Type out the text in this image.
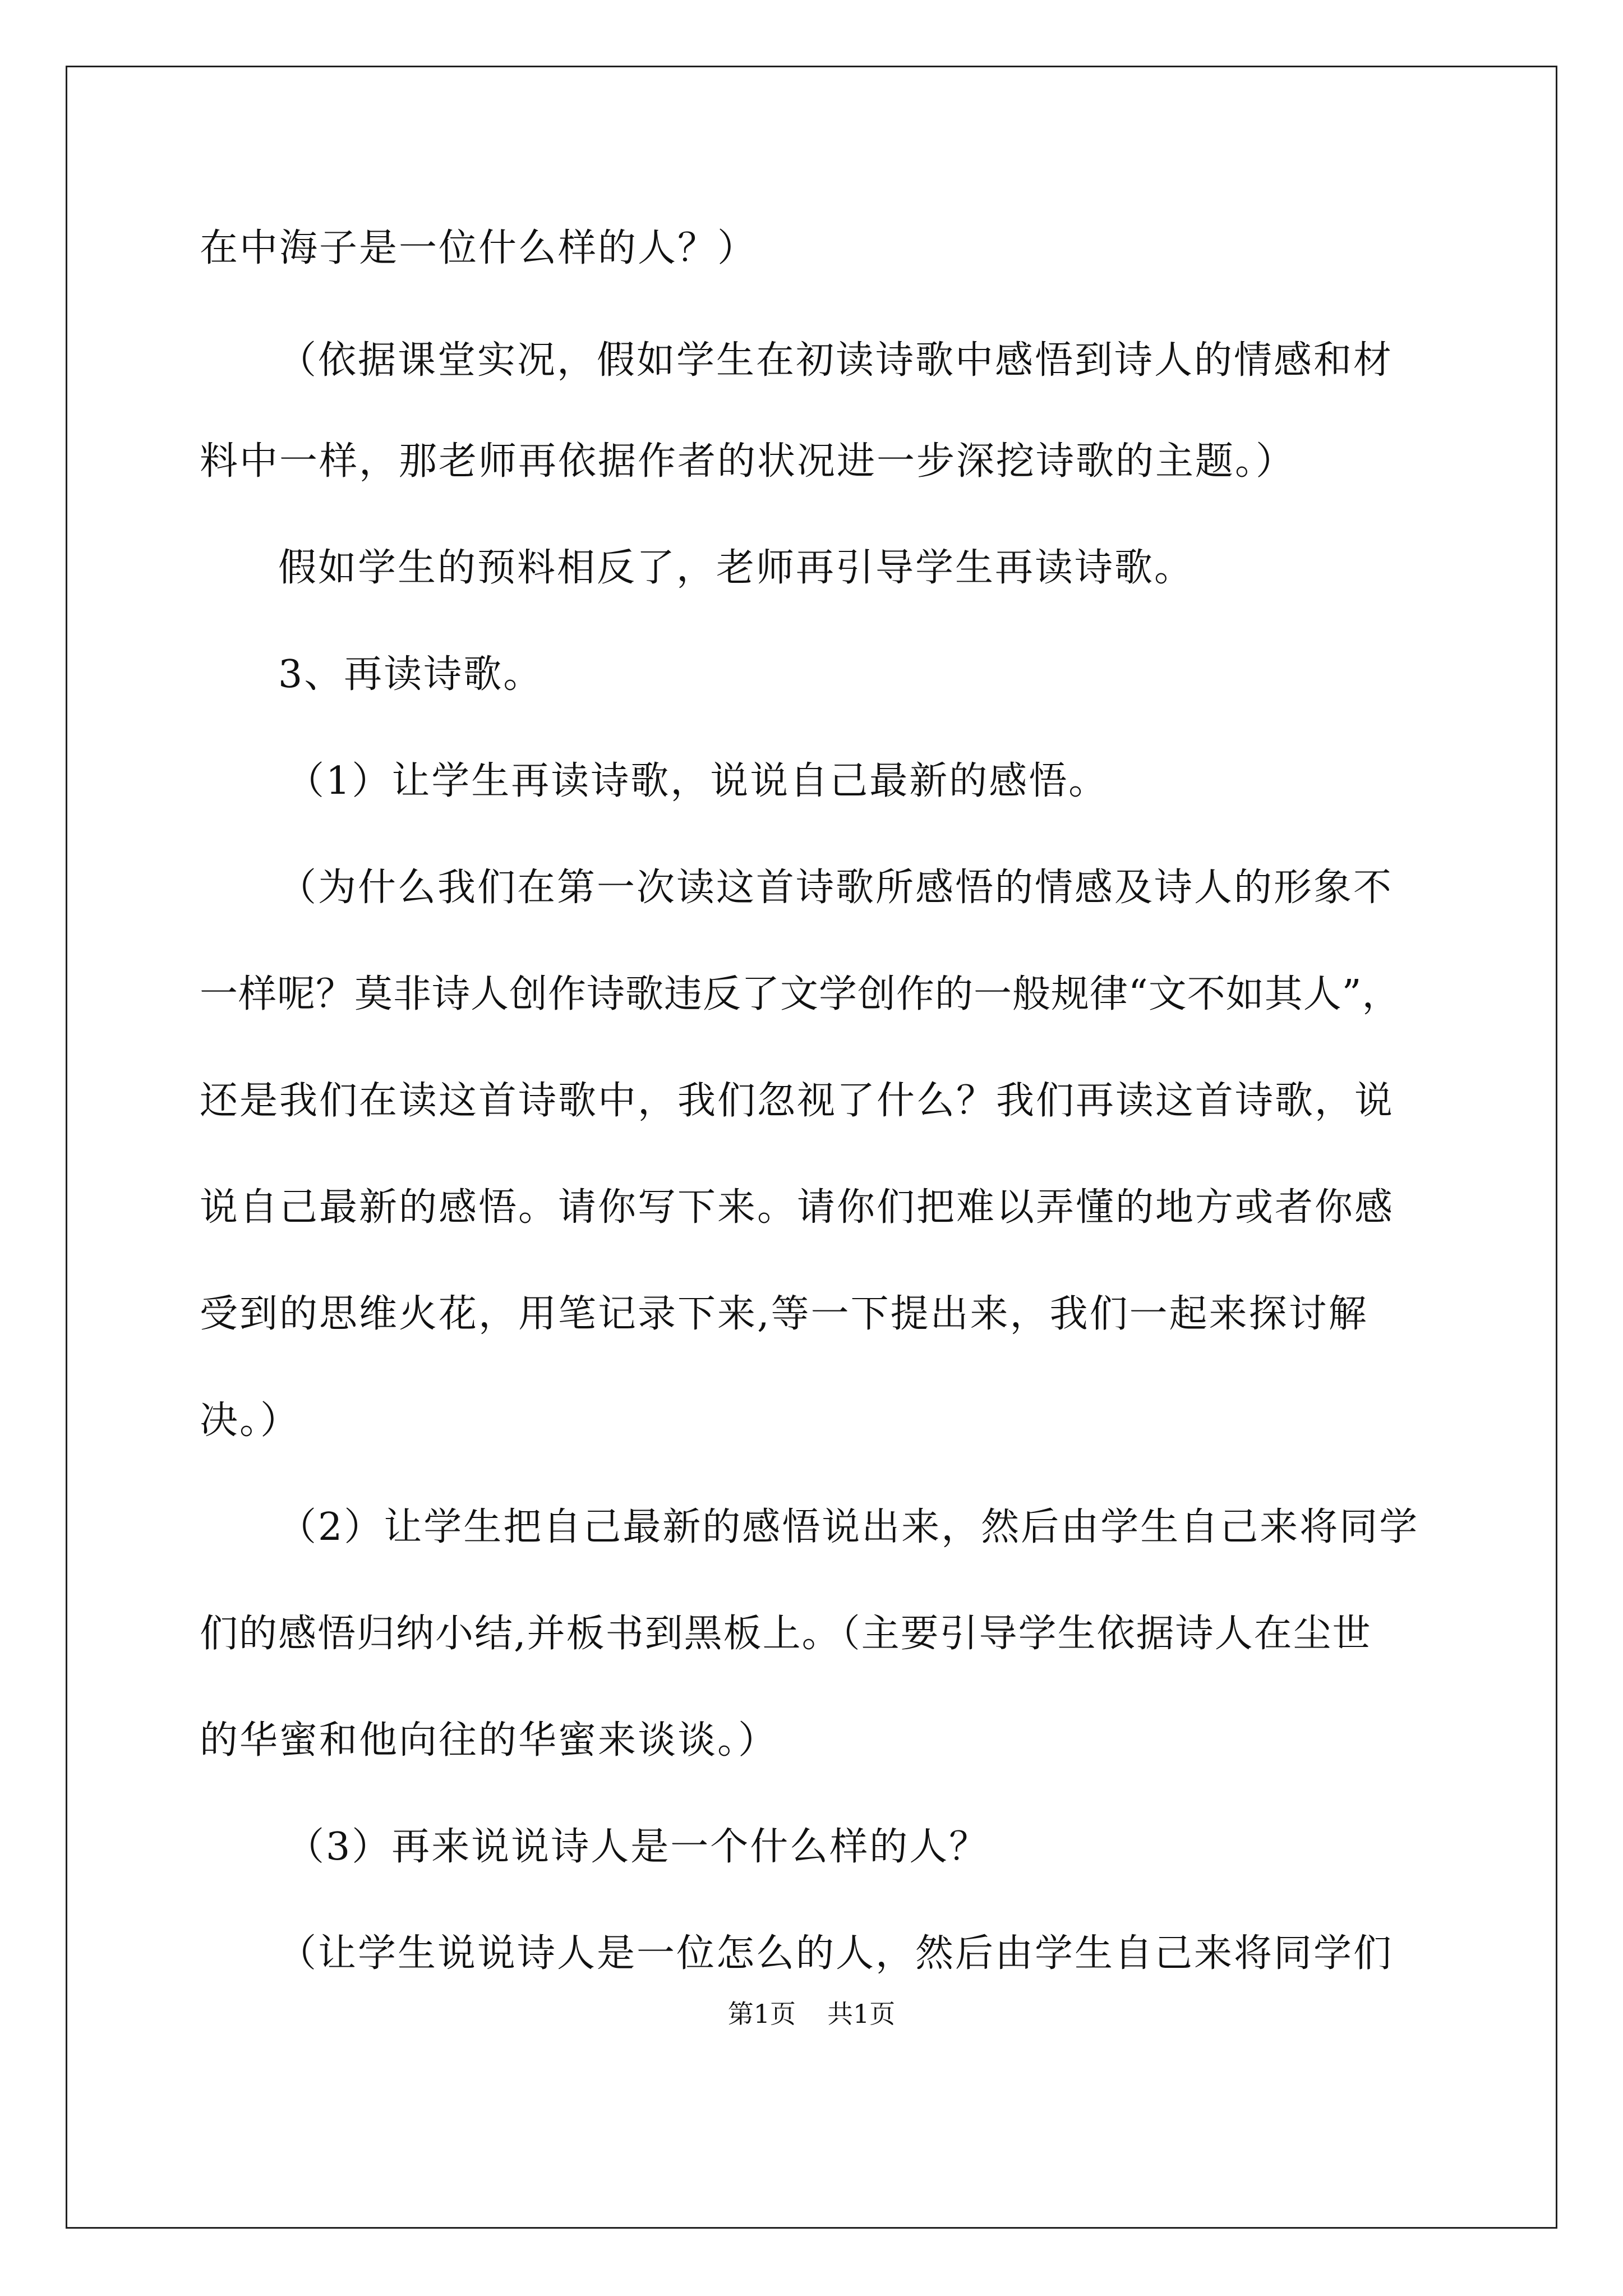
在中海子是一位什么样的人？）

（依据课堂实况，假如学生在初读诗歌中感悟到诗人的情感和材

料中一样，那老师再依据作者的状况进一步深挖诗歌的主题。）

假如学生的预料相反了，老师再引导学生再读诗歌。

3、再读诗歌。

（1）让学生再读诗歌，说说自己最新的感悟。

（为什么我们在第一次读这首诗歌所感悟的情感及诗人的形象不

一样呢？莫非诗人创作诗歌违反了文学创作的一般规律“文不如其人”，

还是我们在读这首诗歌中，我们忽视了什么？我们再读这首诗歌，说

说自己最新的感悟。请你写下来。请你们把难以弄懂的地方或者你感

受到的思维火花，用笔记录下来,等一下提出来，我们一起来探讨解

决。）

（2）让学生把自己最新的感悟说出来，然后由学生自己来将同学

们的感悟归纳小结,并板书到黑板上。（主要引导学生依据诗人在尘世

的华蜜和他向往的华蜜来谈谈。）

（3）再来说说诗人是一个什么样的人？

（让学生说说诗人是一位怎么的人，然后由学生自己来将同学们

第1页 共1页
